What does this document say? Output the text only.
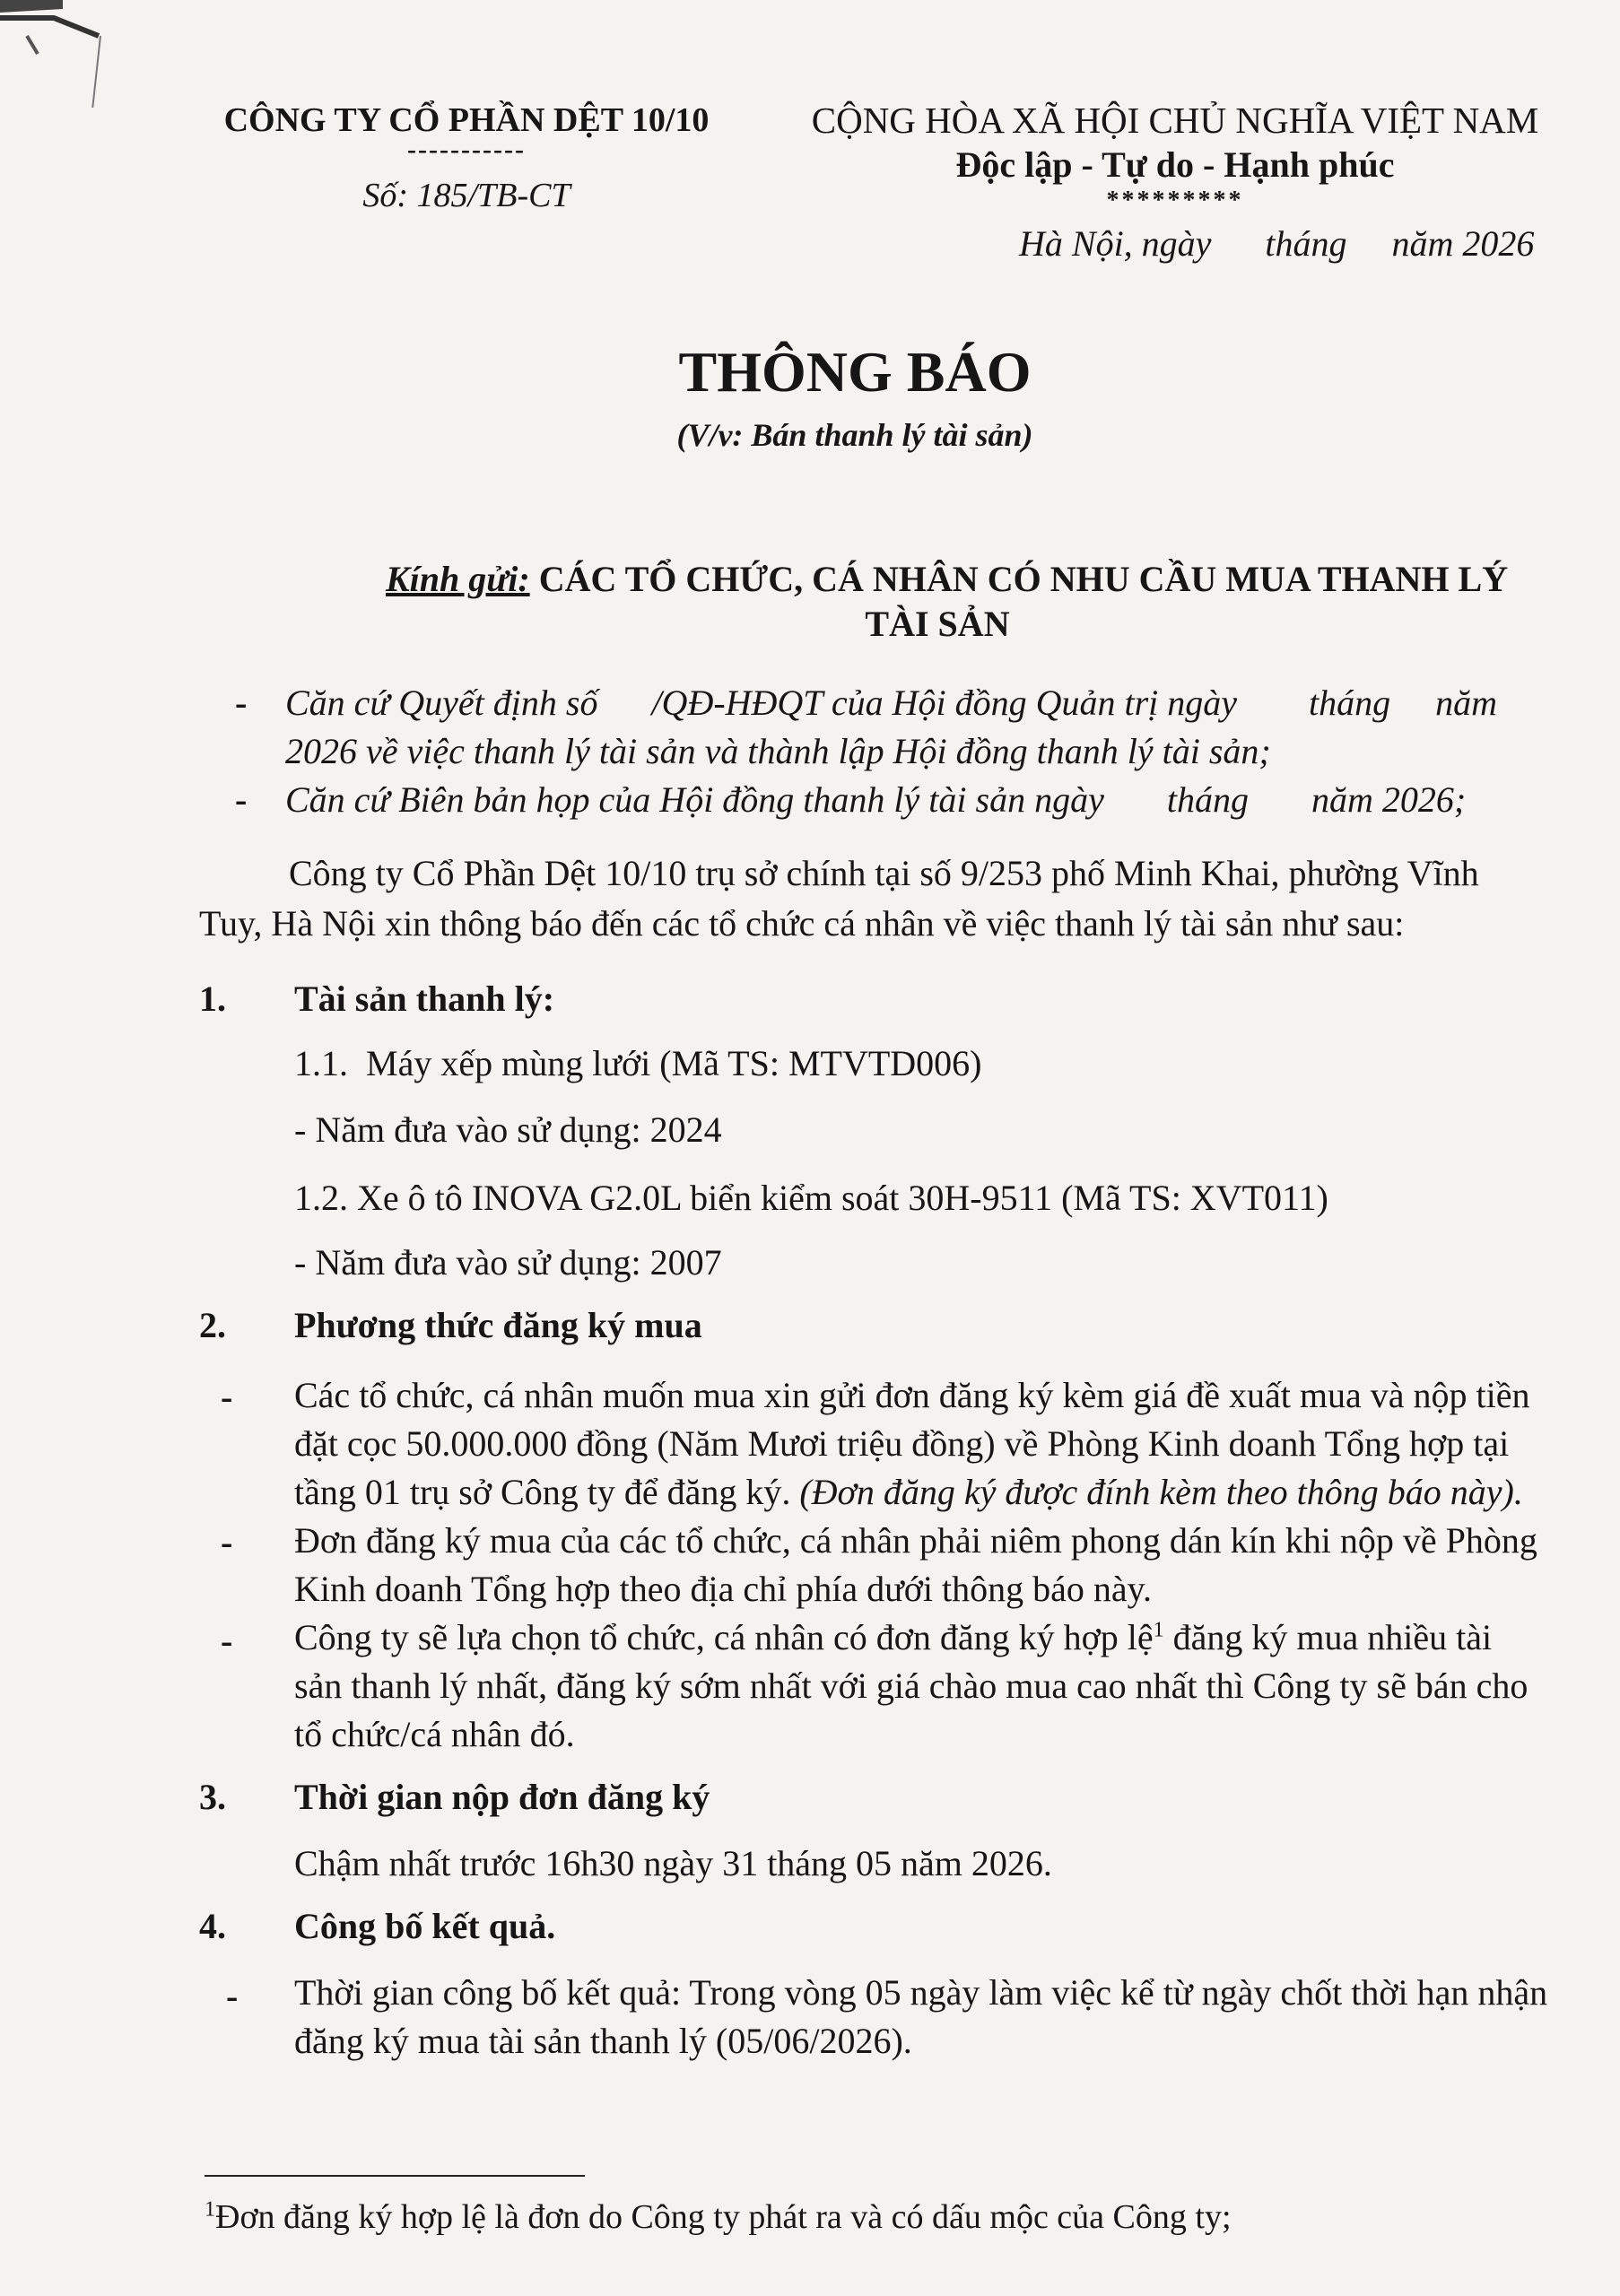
CÔNG TY CỔ PHẦN DỆT 10/10
-----------
Số: 185/TB-CT
CỘNG HÒA XÃ HỘI CHỦ NGHĨA VIỆT NAM
Độc lập - Tự do - Hạnh phúc
*********
Hà Nội, ngày      tháng     năm 2026
THÔNG BÁO
(V/v: Bán thanh lý tài sản)
Kính gửi: CÁC TỔ CHỨC, CÁ NHÂN CÓ NHU CẦU MUA THANH LÝ
TÀI SẢN
- Căn cứ Quyết định số      /QĐ-HĐQT của Hội đồng Quản trị ngày        tháng     năm
2026 về việc thanh lý tài sản và thành lập Hội đồng thanh lý tài sản;
- Căn cứ Biên bản họp của Hội đồng thanh lý tài sản ngày       tháng       năm 2026;
Công ty Cổ Phần Dệt 10/10 trụ sở chính tại số 9/253 phố Minh Khai, phường Vĩnh
Tuy, Hà Nội xin thông báo đến các tổ chức cá nhân về việc thanh lý tài sản như sau:
1. Tài sản thanh lý:
1.1.  Máy xếp mùng lưới (Mã TS: MTVTD006)
- Năm đưa vào sử dụng: 2024
1.2. Xe ô tô INOVA G2.0L biển kiểm soát 30H-9511 (Mã TS: XVT011)
- Năm đưa vào sử dụng: 2007
2. Phương thức đăng ký mua
- Các tổ chức, cá nhân muốn mua xin gửi đơn đăng ký kèm giá đề xuất mua và nộp tiền
đặt cọc 50.000.000 đồng (Năm Mươi triệu đồng) về Phòng Kinh doanh Tổng hợp tại
tầng 01 trụ sở Công ty để đăng ký. (Đơn đăng ký được đính kèm theo thông báo này).
- Đơn đăng ký mua của các tổ chức, cá nhân phải niêm phong dán kín khi nộp về Phòng
Kinh doanh Tổng hợp theo địa chỉ phía dưới thông báo này.
- Công ty sẽ lựa chọn tổ chức, cá nhân có đơn đăng ký hợp lệ$^1$ đăng ký mua nhiều tài
sản thanh lý nhất, đăng ký sớm nhất với giá chào mua cao nhất thì Công ty sẽ bán cho
tổ chức/cá nhân đó.
3. Thời gian nộp đơn đăng ký
Chậm nhất trước 16h30 ngày 31 tháng 05 năm 2026.
4. Công bố kết quả.
- Thời gian công bố kết quả: Trong vòng 05 ngày làm việc kể từ ngày chốt thời hạn nhận
đăng ký mua tài sản thanh lý (05/06/2026).
$^1$Đơn đăng ký hợp lệ là đơn do Công ty phát ra và có dấu mộc của Công ty;
